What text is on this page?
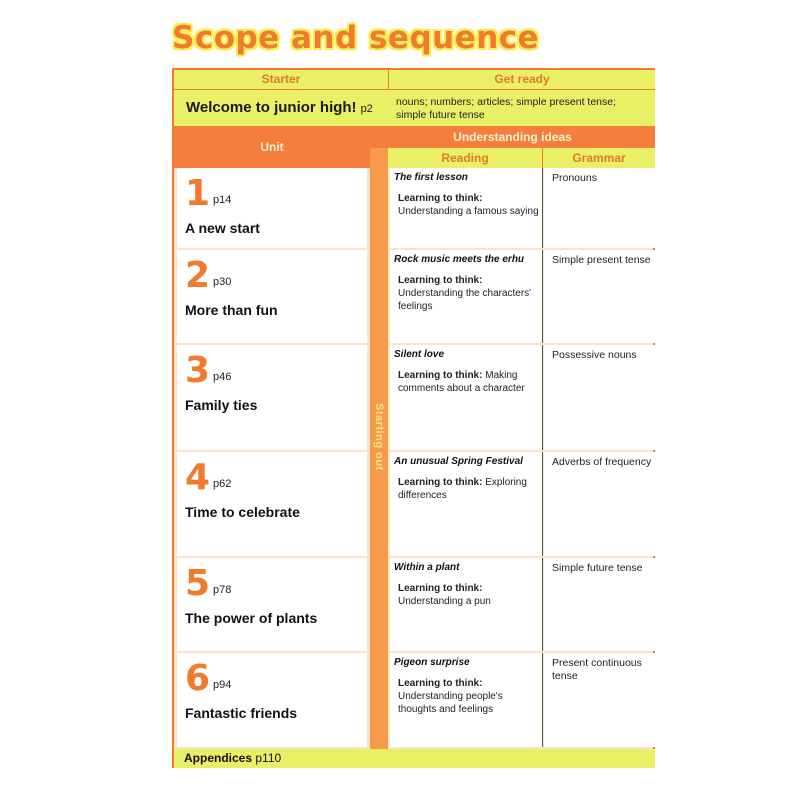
Scope and sequence
Starter	Get ready
Welcome to junior high! p2
nouns; numbers; articles; simple present tense; simple future tense
Unit
Understanding ideas
Starting out
Reading	Grammar
1 p14
A new start
The first lesson
Learning to think: Understanding a famous saying
Pronouns
2 p30
More than fun
Rock music meets the erhu
Learning to think: Understanding the characters' feelings
Simple present tense
3 p46
Family ties
Silent love
Learning to think: Making comments about a character
Possessive nouns
4 p62
Time to celebrate
An unusual Spring Festival
Learning to think: Exploring differences
Adverbs of frequency
5 p78
The power of plants
Within a plant
Learning to think: Understanding a pun
Simple future tense
6 p94
Fantastic friends
Pigeon surprise
Learning to think: Understanding people's thoughts and feelings
Present continuous tense
Appendices p110
